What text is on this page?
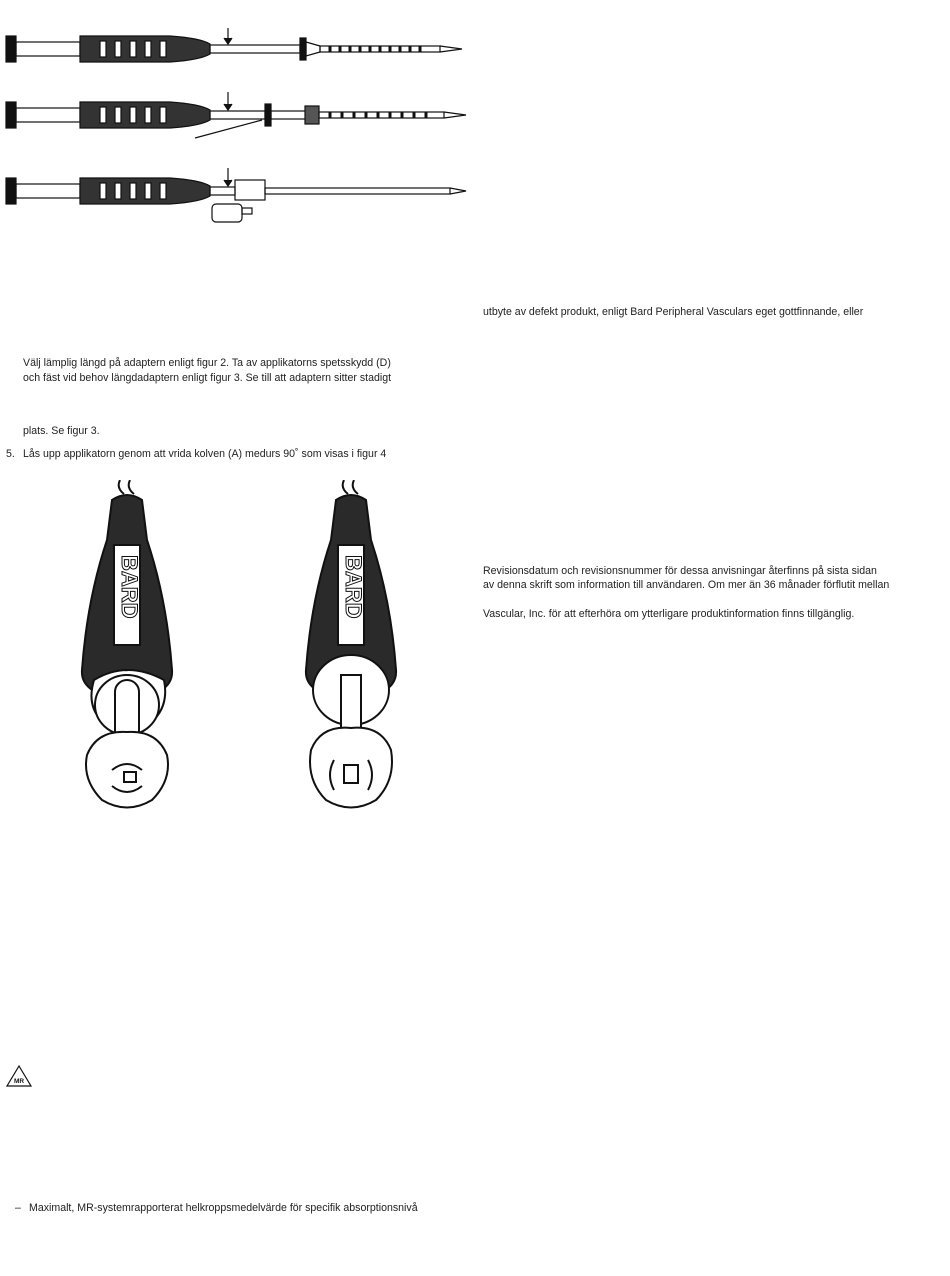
utbyte av defekt produkt, enligt Bard Peripheral Vasculars eget gottfinnande, eller
Välj lämplig längd på adaptern enligt figur 2. Ta av applikatorns spetsskydd (D)
och fäst vid behov längdadaptern enligt figur 3. Se till att adaptern sitter stadigt
plats. Se figur 3.
5. Lås upp applikatorn genom att vrida kolven (A) medurs 90˚ som visas i figur 4
BARD	BARD	Revisionsdatum och revisionsnummer för dessa anvisningar återfinns på sista sidan
av denna skrift som information till användaren. Om mer än 36 månader förflutit mellan
Vascular, Inc. för att efterhöra om ytterligare produktinformation finns tillgänglig.
MR
– Maximalt, MR-systemrapporterat helkroppsmedelvärde för specifik absorptionsnivå
